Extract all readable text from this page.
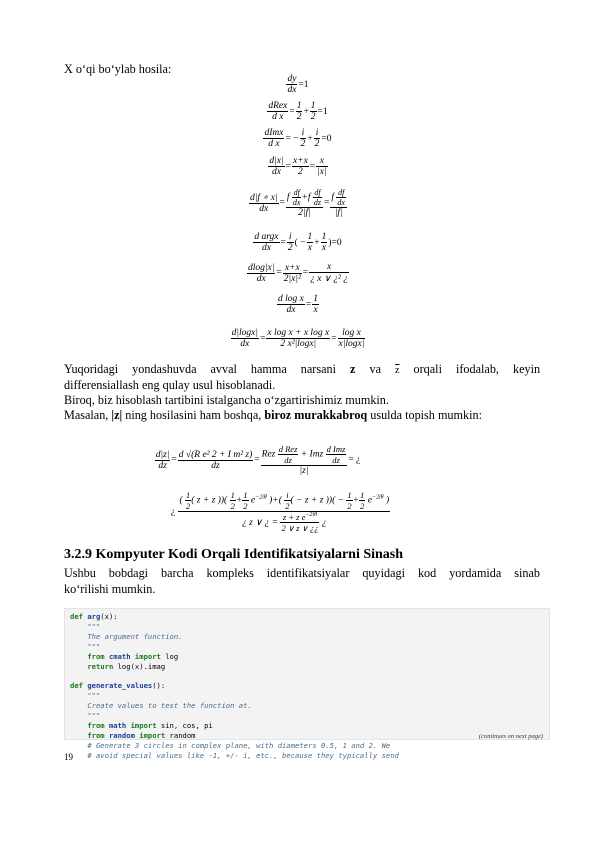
X o‘qi bo‘ylab hosila:
$\frac{dy}{dx} =1$
dRex
d x
= $\frac{1}{2} + \frac{1}{2} =1$
dImx
d x
= − $\frac{i}{2} + \frac{i}{2} =0$
$\frac{d|x|}{dx} = \frac{x+x}{2} = \frac{x}{|x|}$
$\frac{d|f \circ x|}{dx}$ =
f $\frac{df}{dx} +f \frac{df}{dz}$
2|f|
=
f $\frac{df}{dx}$
|f|
d argx
dx
= $\frac{i}{2}$ ( − $\frac{1}{x} + \frac{1}{x} )=0$
$\frac{dlog|x|}{dx} = \frac{x+x}{\text{2|x|²}} = \frac{x}{\text{¿ x ∨ ¿² ¿}}$
$\frac{\text{d log x}}{dx} = \frac{1}{x}$
$\frac{d|\log x|}{dx} = \frac{\text{x log x + x log x}}{\text{2 x²|logx|}} = \frac{\text{log x}}{x|\log x|}$
Yuqoridagi yondashuvda avval hamma narsani z va $\overline{z}$ orqali ifodalab, keyin
differensiallash eng qulay usul hisoblanadi.
Biroq, biz hisoblash tartibini istalgancha o‘zgartirishimiz mumkin.
Masalan, |z| ning hosilasini ham boshqa, biroz murakkabroq usulda topish mumkin:
$\frac{d|z|}{dz} = \frac{\text{d √(R e² 2 + I m² z)}}{dz}$ =
Rez
d Rez
dz
+ Imz
d Imz
dz
|z|
= ¿
¿
( $\frac{1}{2}$ ( z + z ))( $\frac{1}{2} + \frac{1}{2} e^{-2i\theta}$ )+( $\frac{i}{2}$ ( − z + z ))( − $\frac{1}{2} + \frac{1}{2} e^{-2i\theta}$ )
¿ z ∨ ¿ = $\frac{z + z e^{-2i\theta}}{2 \vee z \vee ¿¿}$ ¿
3.2.9 Kompyuter Kodi Orqali Identifikatsiyalarni Sinash
Ushbu bobdagi barcha kompleks identifikatsiyalar quyidagi kod yordamida sinab
ko‘rilishi mumkin.
def arg(x):
"""
The argument function.
"""
from cmath import log
return log(x).imag

def generate_values():
"""
Create values to test the function at.
"""
from math import sin, cos, pi
from random import random
# Generate 3 circles in complex plane, with diameters 0.5, 1 and 2. We
# avoid special values like -1, +/- i, etc., because they typically send
(continues on next page)
19
